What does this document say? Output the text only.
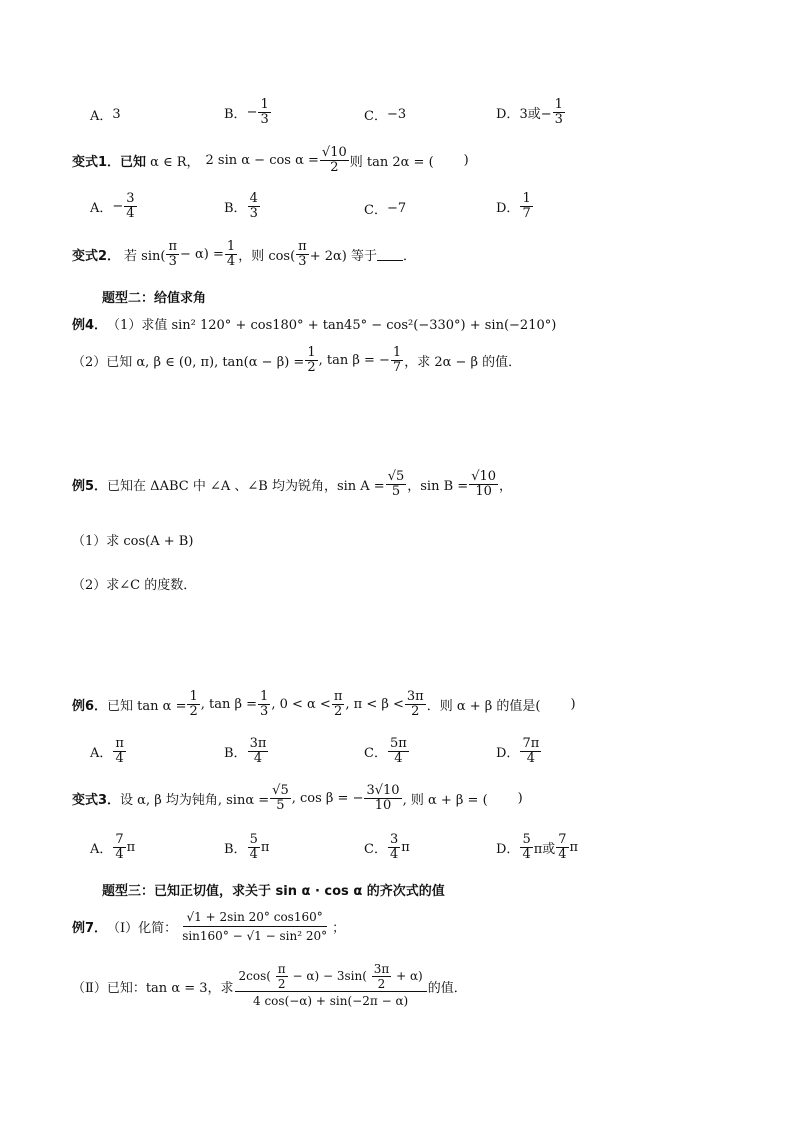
A． 3	B． − $\frac{1}{3}$	C． −3	D． 3或− $\frac{1}{3}$
变式1． 已知 α ∈ R， 2 $\sin \alpha - \cos \alpha = \frac{√10}{2}$ 则 tan 2α = ( )
A． − $\frac{3}{4}$	B． $\frac{4}{3}$	C． −7	D． $\frac{1}{7}$
变式2． 若 $\sin( \frac{\pi}{3} - \alpha) = \frac{1}{4}$ ，则 $\cos( \frac{\pi}{3} + 2\alpha)$ 等于 ．
题型二：给值求角
例4． （1）求值 sin² 120° + cos180° + tan45° − cos²(−330°) + sin(−210°)
（2）已知 α, β ∈ (0, π), $\tan(\alpha - \beta) = \frac{1}{2}$ , tan β = − $\frac{1}{7}$ ，求 2α − β 的值．
例5． 已知在 ΔABC 中 ∠A 、∠B 均为锐角，$\sin A = \frac{√5}{5}$ ，$\sin B = \frac{√10}{10}$ ，
（1）求 cos(A + B)
（2）求∠C 的度数．
例6． 已知 $\tan \alpha = \frac{1}{2}$ , $\tan \beta = \frac{1}{3}$ , $0 < \alpha < \frac{\pi}{2}$ , $\pi < \beta < \frac{3\pi}{2}$ ．则 α + β 的值是( )
A． $\frac{\pi}{4}$	B． $\frac{3\pi}{4}$	C． $\frac{5\pi}{4}$	D． $\frac{7\pi}{4}$
变式3． 设 α, β 均为钝角, $\sin\alpha = \frac{√5}{5}$ , cos β = − $\frac{3√10}{10}$ , 则 α + β = ( )
A． $\frac{7}{4}$ π	B． $\frac{5}{4}$ π	C． $\frac{3}{4}$ π	D． $\frac{5}{4}$ π或 $\frac{7}{4}$ π
题型三：已知正切值，求关于 sin α · cos α 的齐次式的值
例7． （Ⅰ）化简： $\frac{√1 + 2\sin 20^\circ \cos 160^\circ}{\text{sin160° − √1 − sin² 20°}}$ ；
（Ⅱ）已知：tan α = 3，求 $\frac{2\cos( \frac{\pi}{2} - \alpha) - 3\sin( \frac{3\pi}{2} + \alpha)}{4 \cos(-\alpha) + \sin(-2\pi - \alpha)}$ 的值．
